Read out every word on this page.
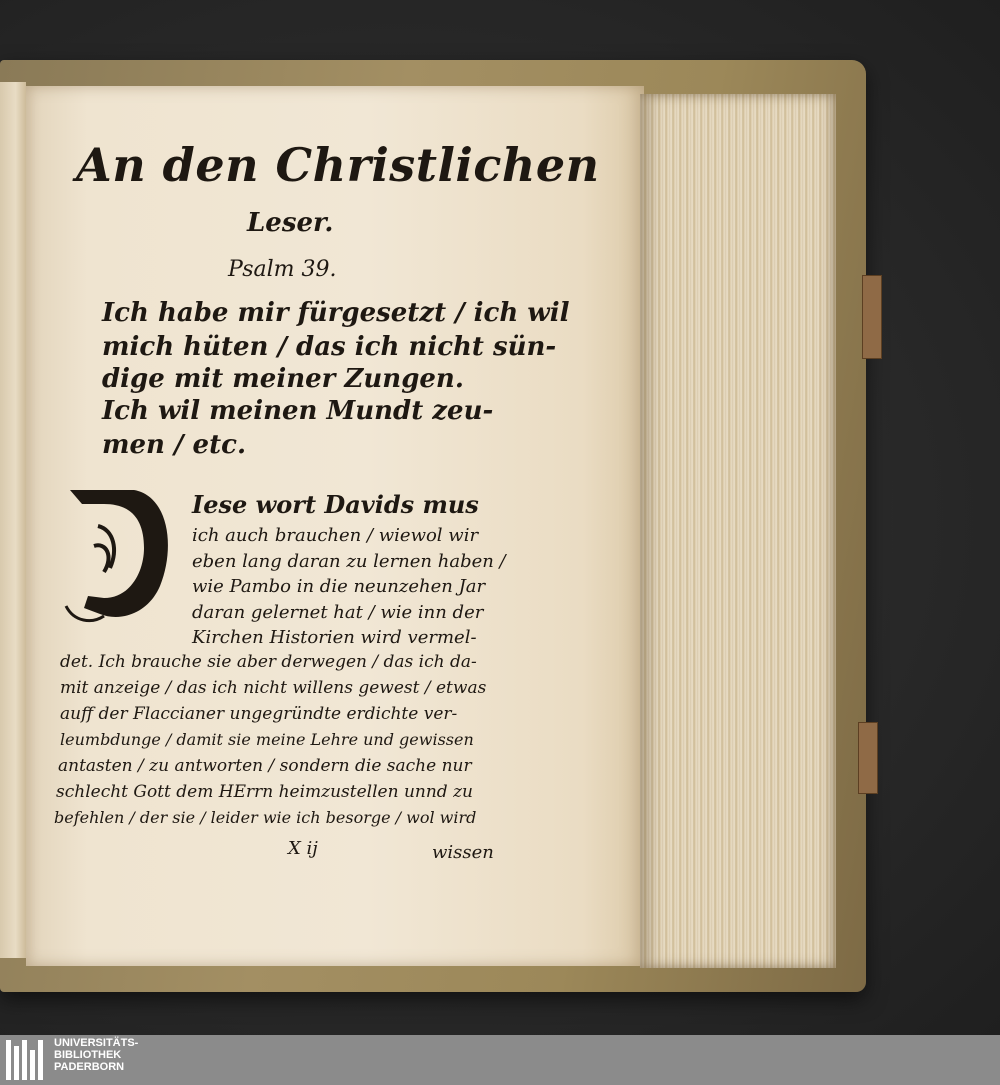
An den Christlichen
Leser.
Psalm 39.
Ich habe mir fürgesetzt / ich wil
mich hüten / das ich nicht sün-
dige mit meiner Zungen.
Ich wil meinen Mundt zeu-
men / etc.
Iese wort Davids mus
ich auch brauchen / wiewol wir
eben lang daran zu lernen haben /
wie Pambo in die neunzehen Jar
daran gelernet hat / wie inn der
Kirchen Historien wird vermel-
det. Ich brauche sie aber derwegen / das ich da-
mit anzeige / das ich nicht willens gewest / etwas
auff der Flaccianer ungegründte erdichte ver-
leumbdunge / damit sie meine Lehre und gewissen
antasten / zu antworten / sondern die sache nur
schlecht Gott dem HErrn heimzustellen unnd zu
befehlen / der sie / leider wie ich besorge / wol wird
X ij	wissen
UNIVERSITÄTS-
BIBLIOTHEK
PADERBORN
